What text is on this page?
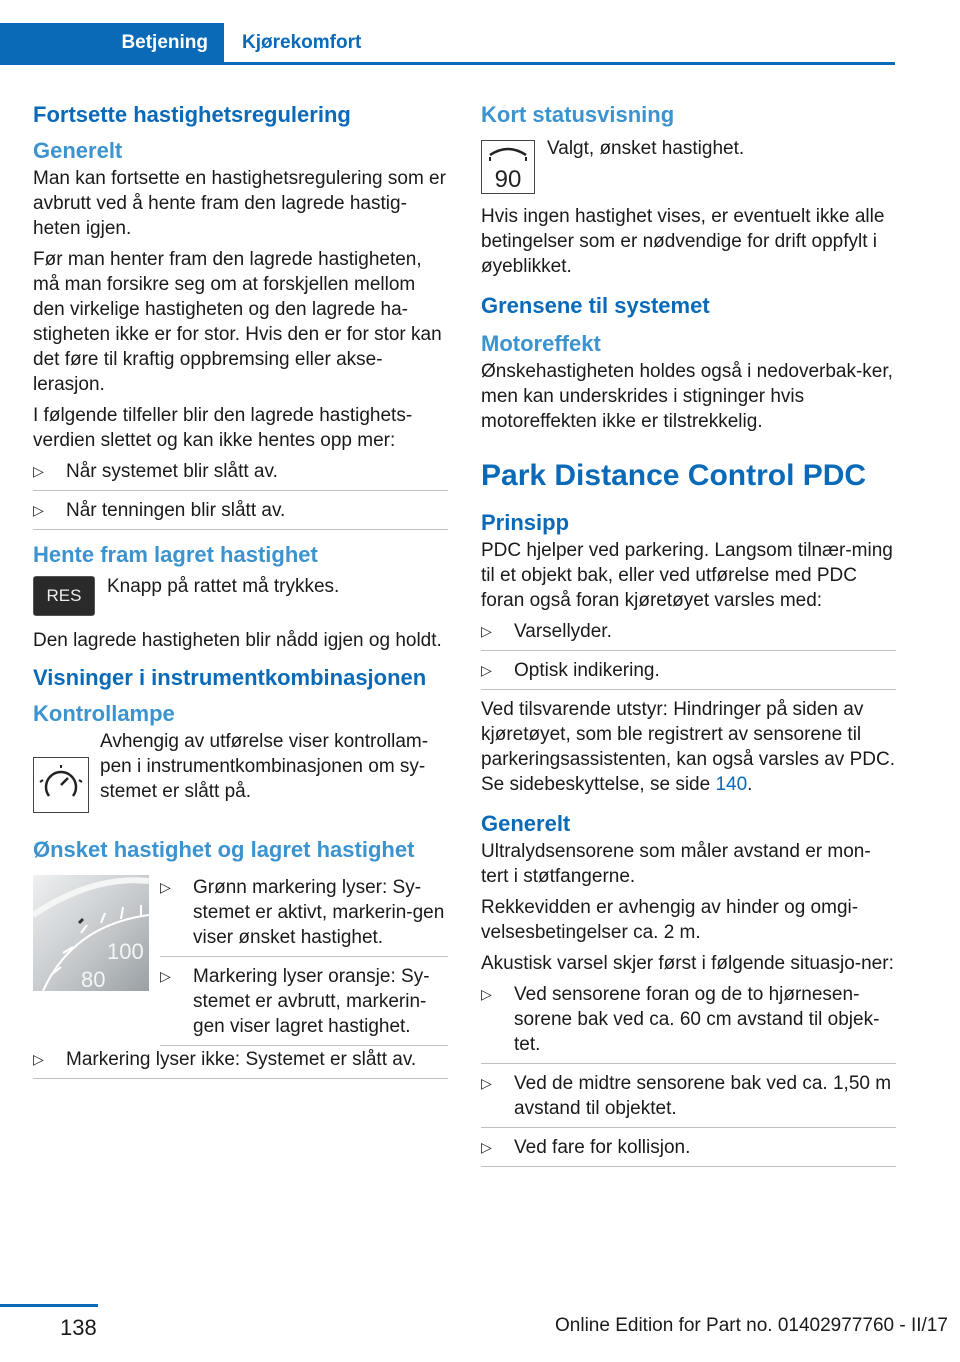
Betjening	Kjørekomfort
Fortsette hastighetsregulering
Generelt

Man kan fortsette en hastighetsregulering som er avbrutt ved å hente fram den lagrede hastig‐heten igjen.

Før man henter fram den lagrede hastigheten, må man forsikre seg om at forskjellen mellom den virkelige hastigheten og den lagrede ha‐stigheten ikke er for stor. Hvis den er for stor kan det føre til kraftig oppbremsing eller akse‐lerasjon.

I følgende tilfeller blir den lagrede hastighets‐verdien slettet og kan ikke hentes opp mer:

▷ Når systemet blir slått av.
▷ Når tenningen blir slått av.
Hente fram lagret hastighet
RES	Knapp på rattet må trykkes.

Den lagrede hastigheten blir nådd igjen og holdt.

Visninger i instrumentkombinasjonen
Kontrollampe
Avhengig av utførelse viser kontrollam‐pen i instrumentkombinasjonen om sy‐stemet er slått på.
Ønsket hastighet og lagret hastighet
100
80
▷ Grønn markering lyser: Sy‐stemet er aktivt, markerin‐gen viser ønsket hastighet.
▷ Markering lyser oransje: Sy‐stemet er avbrutt, markerin‐gen viser lagret hastighet.
▷ Markering lyser ikke: Systemet er slått av.
Kort statusvisning
90
Valgt, ønsket hastighet.

Hvis ingen hastighet vises, er eventuelt ikke alle betingelser som er nødvendige for drift oppfylt i øyeblikket.

Grensene til systemet
Motoreffekt

Ønskehastigheten holdes også i nedoverbak‐ker, men kan underskrides i stigninger hvis motoreffekten ikke er tilstrekkelig.

Park Distance Control PDC
Prinsipp

PDC hjelper ved parkering. Langsom tilnær‐ming til et objekt bak, eller ved utførelse med PDC foran også foran kjøretøyet varsles med:

▷ Varsellyder.
▷ Optisk indikering.

Ved tilsvarende utstyr: Hindringer på siden av kjøretøyet, som ble registrert av sensorene til parkeringsassistenten, kan også varsles av PDC. Se sidebeskyttelse, se side 140.

Generelt

Ultralydsensorene som måler avstand er mon‐tert i støtfangerne.

Rekkevidden er avhengig av hinder og omgi‐velsesbetingelser ca. 2 m.

Akustisk varsel skjer først i følgende situasjo‐ner:

▷ Ved sensorene foran og de to hjørnesen‐sorene bak ved ca. 60 cm avstand til objek‐tet.
▷ Ved de midtre sensorene bak ved ca. 1,50 m avstand til objektet.
▷ Ved fare for kollisjon.
138	Online Edition for Part no. 01402977760 - II/17
